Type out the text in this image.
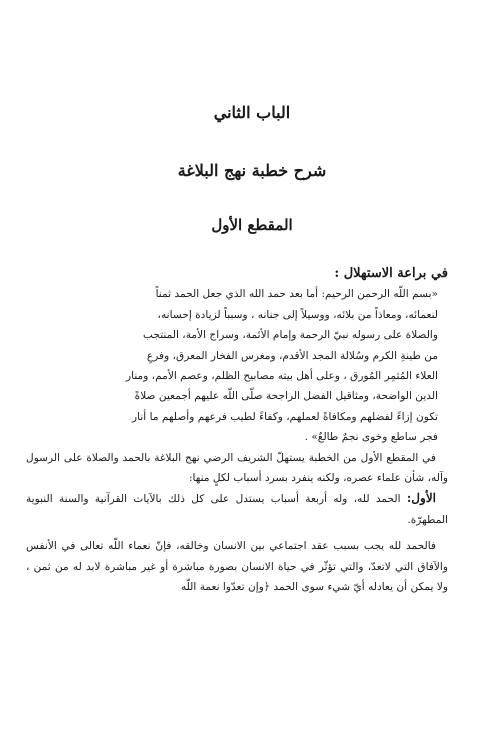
الباب الثاني
شرح خطبة نهج البلاغة
المقطع الأول

في براعة الاستهلال :

«بسم اللّه الرحمن الرحيم: أما بعد حمد الله الذي جعل الحمد ثمناً

لنعمائه، ومعاذاً من بلائه، ووسيلاً إلى جنانه ، وسبباً لزيادة إحسانه،

والصلاة على رسوله نبيّ الرحمة وإمام الأئمة، وسراج الأمة، المنتجب

من طينةِ الكرم وسُلالة المجد الأقدم، ومغرس الفخار المعرق، وفرعِ

العلاء المُثمِر المُورق ، وعلى أهل بيته مصابيح الظلم، وعصم الأمم، ومنار

الدين الواضحة، ومثاقيل الفضل الراجحة صلّى اللّه عليهم أجمعين صلاةً

تكون إزاءً لفضلهم ومكافاةً لعملهم، وكفاءً لطيب فرعهم وأصلهم ما أنار

فجر ساطع وخوى نجمٌ طالعٌ» .

في المقطع الأول من الخطبة يستهلّ الشريف الرضي نهج البلاغة بالحمد والصلاة على الرسول وآله، شأن علماء عصره، ولكنه ينفرد بسرد أسباب لكلٍ منها:

الأول: الحمد لله، وله أربعة أسباب يستدل على كل ذلك بالآيات القرآنية والسنة النبوية المطهرّة.

فالحمد لله يجب بسبب عقد اجتماعي بين الانسان وخالقه، فإنّ نعماء اللّه تعالى في الأنفس والآفاق التي لاتعدّ، والتي تؤثّر في حياة الانسان بصورة مباشرة أو غير مباشرة لابد له من ثمن ، ولا يمكن أن يعادله أيّ شيء سوى الحمد ﴿وإن تعدّوا نعمة اللّه
